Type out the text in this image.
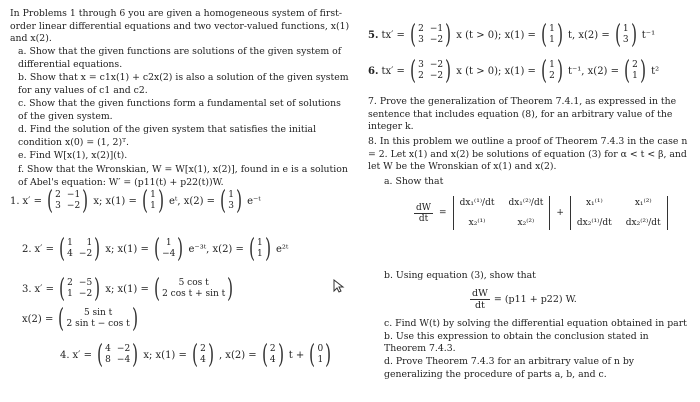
In Problems 1 through 6 you are given a homogeneous system of first-order linear differential equations and two vector-valued functions, x(1) and x(2).
a. Show that the given functions are solutions of the given system of differential equations.
b. Show that x = c1x(1) + c2x(2) is also a solution of the given system for any values of c1 and c2.
c. Show that the given functions form a fundamental set of solutions of the given system.
d. Find the solution of the given system that satisfies the initial condition x(0) = (1, 2)ᵀ.
e. Find W[x(1), x(2)](t).
f. Show that the Wronskian, W = W[x(1), x(2)], found in e is a solution of Abel's equation: W′ = (p11(t) + p22(t))W.
1. x′ = ( 2 −1
3 −2 ) x; x(1) = ( 1
1 ) eᵗ, x(2) = ( 1
3 ) e⁻ᵗ
2. x′ = ( 1	1
4 −2 ) x; x(1) = ( 1
−4 ) e⁻³ᵗ, x(2) = ( 1
1 ) e²ᵗ
3. x′ = ( 2 −5
1 −2 ) x; x(1) = (	5 cos t
2 cos t + sin t )
x(2) = (	5 sin t
2 sin t − cos t )
4. x′ = ( 4 −2
8 −4 ) x; x(1) = ( 2
4 ) , x(2) = ( 2
4 ) t + ( 0
1 )
5. tx′ = ( 2 −1
3 −2 ) x (t > 0); x(1) = ( 1
1 ) t, x(2) = ( 1
3 ) t⁻¹
6. tx′ = ( 3 −2
2 −2 ) x (t > 0); x(1) = ( 1
2 ) t⁻¹, x(2) = ( 2
1 ) t²
7. Prove the generalization of Theorem 7.4.1, as expressed in the sentence that includes equation (8), for an arbitrary value of the integer k.
8. In this problem we outline a proof of Theorem 7.4.3 in the case n = 2. Let x(1) and x(2) be solutions of equation (3) for α < t < β, and let W be the Wronskian of x(1) and x(2).
a. Show that
$\frac{dW}{dt}$ =
dx₁⁽¹⁾/dt dx₁⁽²⁾/dt
x₂⁽¹⁾	x₂⁽²⁾
+
x₁⁽¹⁾	x₁⁽²⁾
dx₂⁽¹⁾/dt dx₂⁽²⁾/dt
b. Using equation (3), show that
$\frac{dW}{dt} = (p11 + p22)$ W.
c. Find W(t) by solving the differential equation obtained in part b. Use this expression to obtain the conclusion stated in Theorem 7.4.3.
d. Prove Theorem 7.4.3 for an arbitrary value of n by generalizing the procedure of parts a, b, and c.
